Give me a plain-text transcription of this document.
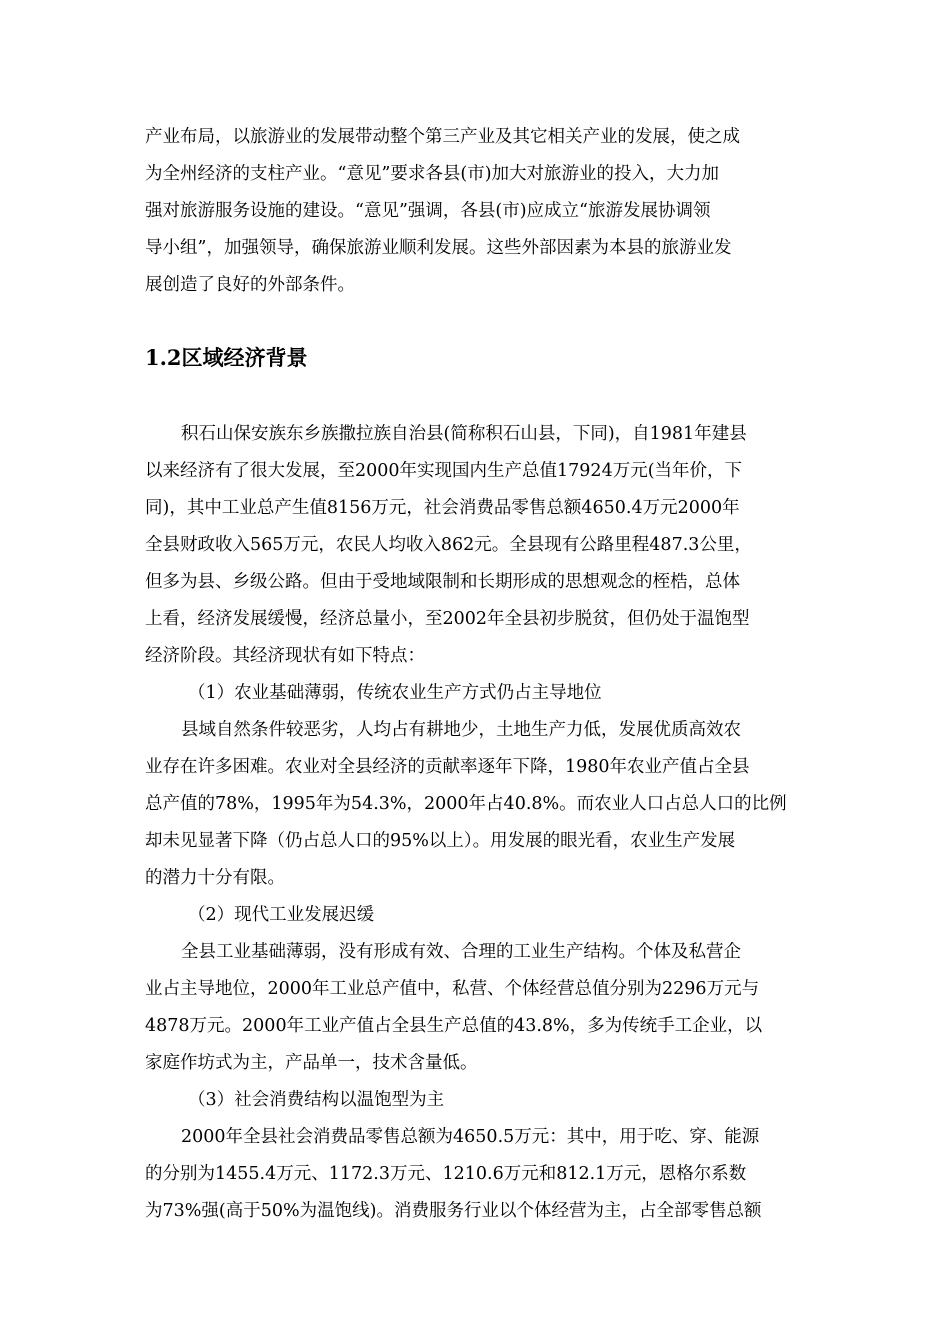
产业布局，以旅游业的发展带动整个第三产业及其它相关产业的发展，使之成
为全州经济的支柱产业。“意见”要求各县(市)加大对旅游业的投入，大力加
强对旅游服务设施的建设。“意见”强调，各县(市)应成立“旅游发展协调领
导小组”，加强领导，确保旅游业顺利发展。这些外部因素为本县的旅游业发
展创造了良好的外部条件。
1.2区域经济背景
积石山保安族东乡族撒拉族自治县(简称积石山县，下同)，自1981年建县
以来经济有了很大发展，至2000年实现国内生产总值17924万元(当年价，下
同)，其中工业总产生值8156万元，社会消费品零售总额4650.4万元2000年
全县财政收入565万元，农民人均收入862元。全县现有公路里程487.3公里，
但多为县、乡级公路。但由于受地域限制和长期形成的思想观念的桎梏，总体
上看，经济发展缓慢，经济总量小，至2002年全县初步脱贫，但仍处于温饱型
经济阶段。其经济现状有如下特点：
（1）农业基础薄弱，传统农业生产方式仍占主导地位
县域自然条件较恶劣，人均占有耕地少，土地生产力低，发展优质高效农
业存在许多困难。农业对全县经济的贡献率逐年下降，1980年农业产值占全县
总产值的78%，1995年为54.3%，2000年占40.8%。而农业人口占总人口的比例
却未见显著下降（仍占总人口的95%以上）。用发展的眼光看，农业生产发展
的潜力十分有限。
（2）现代工业发展迟缓
全县工业基础薄弱，没有形成有效、合理的工业生产结构。个体及私营企
业占主导地位，2000年工业总产值中，私营、个体经营总值分别为2296万元与
4878万元。2000年工业产值占全县生产总值的43.8%，多为传统手工企业，以
家庭作坊式为主，产品单一，技术含量低。
（3）社会消费结构以温饱型为主
2000年全县社会消费品零售总额为4650.5万元：其中，用于吃、穿、能源
的分别为1455.4万元、1172.3万元、1210.6万元和812.1万元，恩格尔系数
为73%强(高于50%为温饱线)。消费服务行业以个体经营为主，占全部零售总额
